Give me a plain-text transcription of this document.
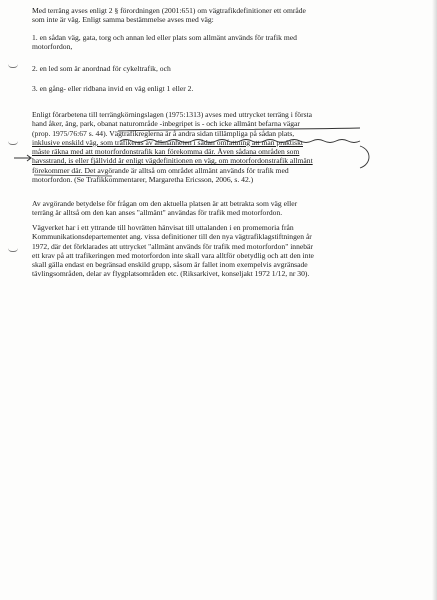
Med terräng avses enligt 2 § förordningen (2001:651) om vägtrafikdefinitioner ett område
som inte är väg. Enligt samma bestämmelse avses med väg:

1. en sådan väg, gata, torg och annan led eller plats som allmänt används för trafik med
motorfordon,

2. en led som är anordnad för cykeltrafik, och

3. en gång- eller ridbana invid en väg enligt 1 eller 2.

Enligt förarbetena till terrängkörningslagen (1975:1313) avses med uttrycket terräng i första
hand åker, äng, park, obanat naturområde -inbegripet is - och icke allmänt befarna vägar
(prop. 1975/76:67 s. 44). Vägtrafikreglerna är å andra sidan tillämpliga på sådan plats,
inklusive enskild väg, som trafikeras av allmänheten i sådan omfattning att man praktiskt
måste räkna med att motorfordonstrafik kan förekomma där. Även sådana områden som
havsstrand, is eller fjällvidd är enligt vägdefinitionen en väg, om motorfordonstrafik allmänt
förekommer där. Det avgörande är alltså om området allmänt används för trafik med
motorfordon. (Se Trafikkommentarer, Margaretha Ericsson, 2006, s. 42.)

Av avgörande betydelse för frågan om den aktuella platsen är att betrakta som väg eller
terräng är alltså om den kan anses "allmänt" användas för trafik med motorfordon.

Vägverket har i ett yttrande till hovrätten hänvisat till uttalanden i en promemoria från
Kommunikationsdepartementet ang. vissa definitioner till den nya vägtrafiklagstiftningen år
1972, där det förklarades att uttrycket "allmänt används för trafik med motorfordon" innebär
ett krav på att trafikeringen med motorfordon inte skall vara alltför obetydlig och att den inte
skall gälla endast en begränsad enskild grupp, såsom är fallet inom exempelvis avgränsade
tävlingsområden, delar av flygplatsområden etc. (Riksarkivet, konseljakt 1972 1/12, nr 30).
